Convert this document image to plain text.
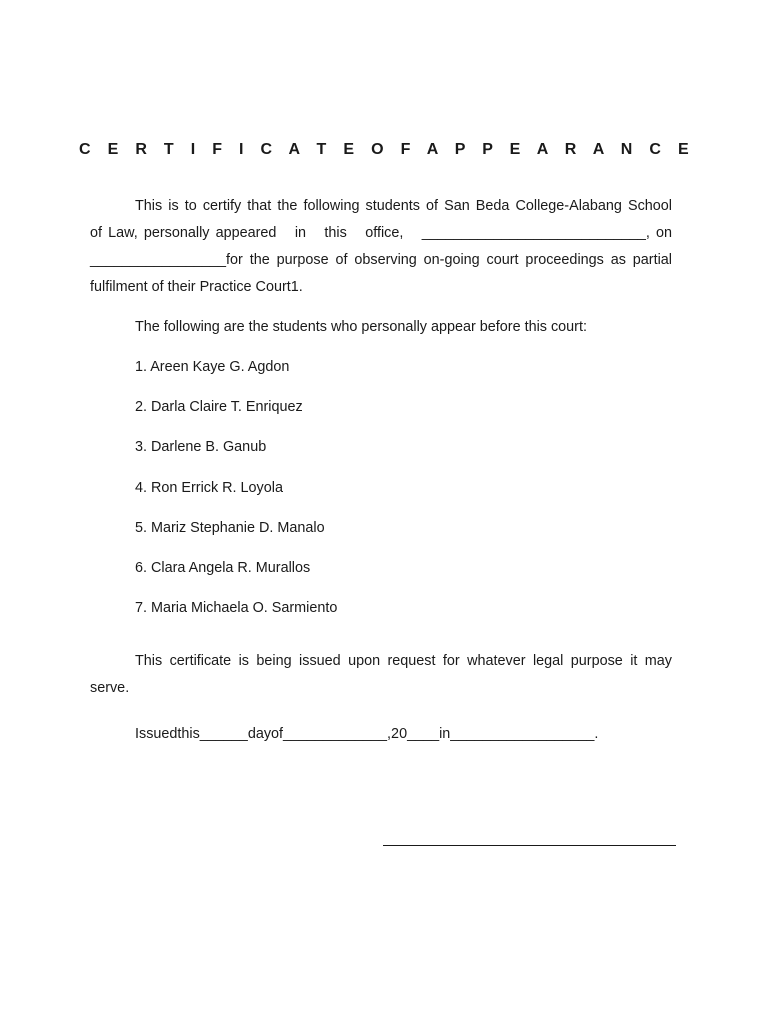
C E R T I F I C A T E O F A P P E A R A N C E
This is to certify that the following students of San Beda College-Alabang School
of Law, personally appeared   in   this   office,   ____________________________, on
_________________for the purpose of observing on-going court proceedings as partial
fulfilment of their Practice Court1.
The following are the students who personally appear before this court:
1. Areen Kaye G. Agdon
2. Darla Claire T. Enriquez
3. Darlene B. Ganub
4. Ron Errick R. Loyola
5. Mariz Stephanie D. Manalo
6. Clara Angela R. Murallos
7. Maria Michaela O. Sarmiento
This certificate is being issued upon request for whatever legal purpose it may
serve.
Issuedthis______dayof_____________,20____in__________________.
